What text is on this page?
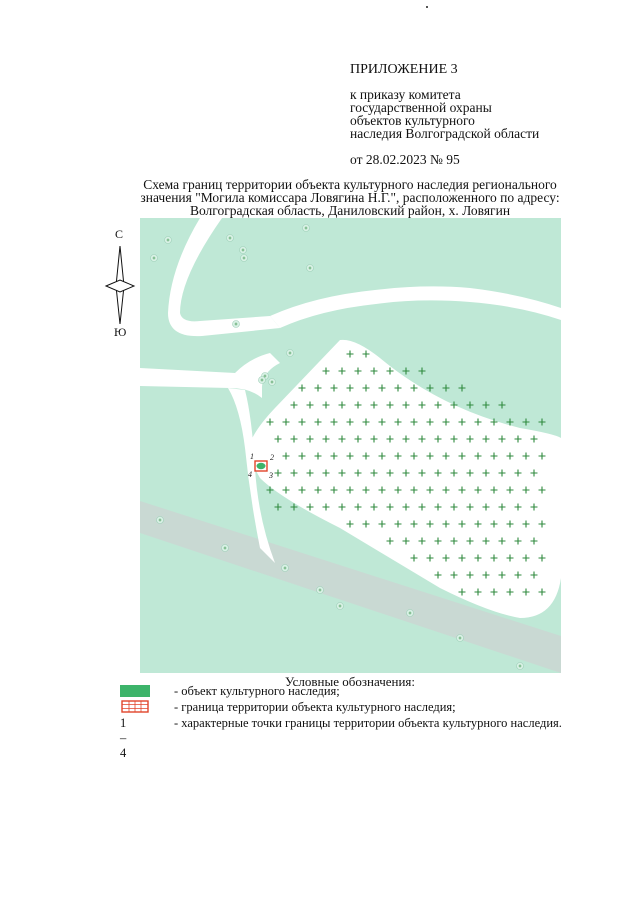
ПРИЛОЖЕНИЕ 3
к приказу комитета
государственной охраны
объектов культурного
наследия Волгоградской области
от 28.02.2023 № 95
Схема границ территории объекта культурного наследия регионального
значения "Могила комиссара Ловягина Н.Г.", расположенного по адресу:
Волгоградская область, Даниловский район, х. Ловягин
С
Ю
1 2
3
4
Условные обозначения:
- объект культурного наследия;
- граница территории объекта культурного наследия;
1 – 4
- характерные точки границы территории объекта культурного наследия.
